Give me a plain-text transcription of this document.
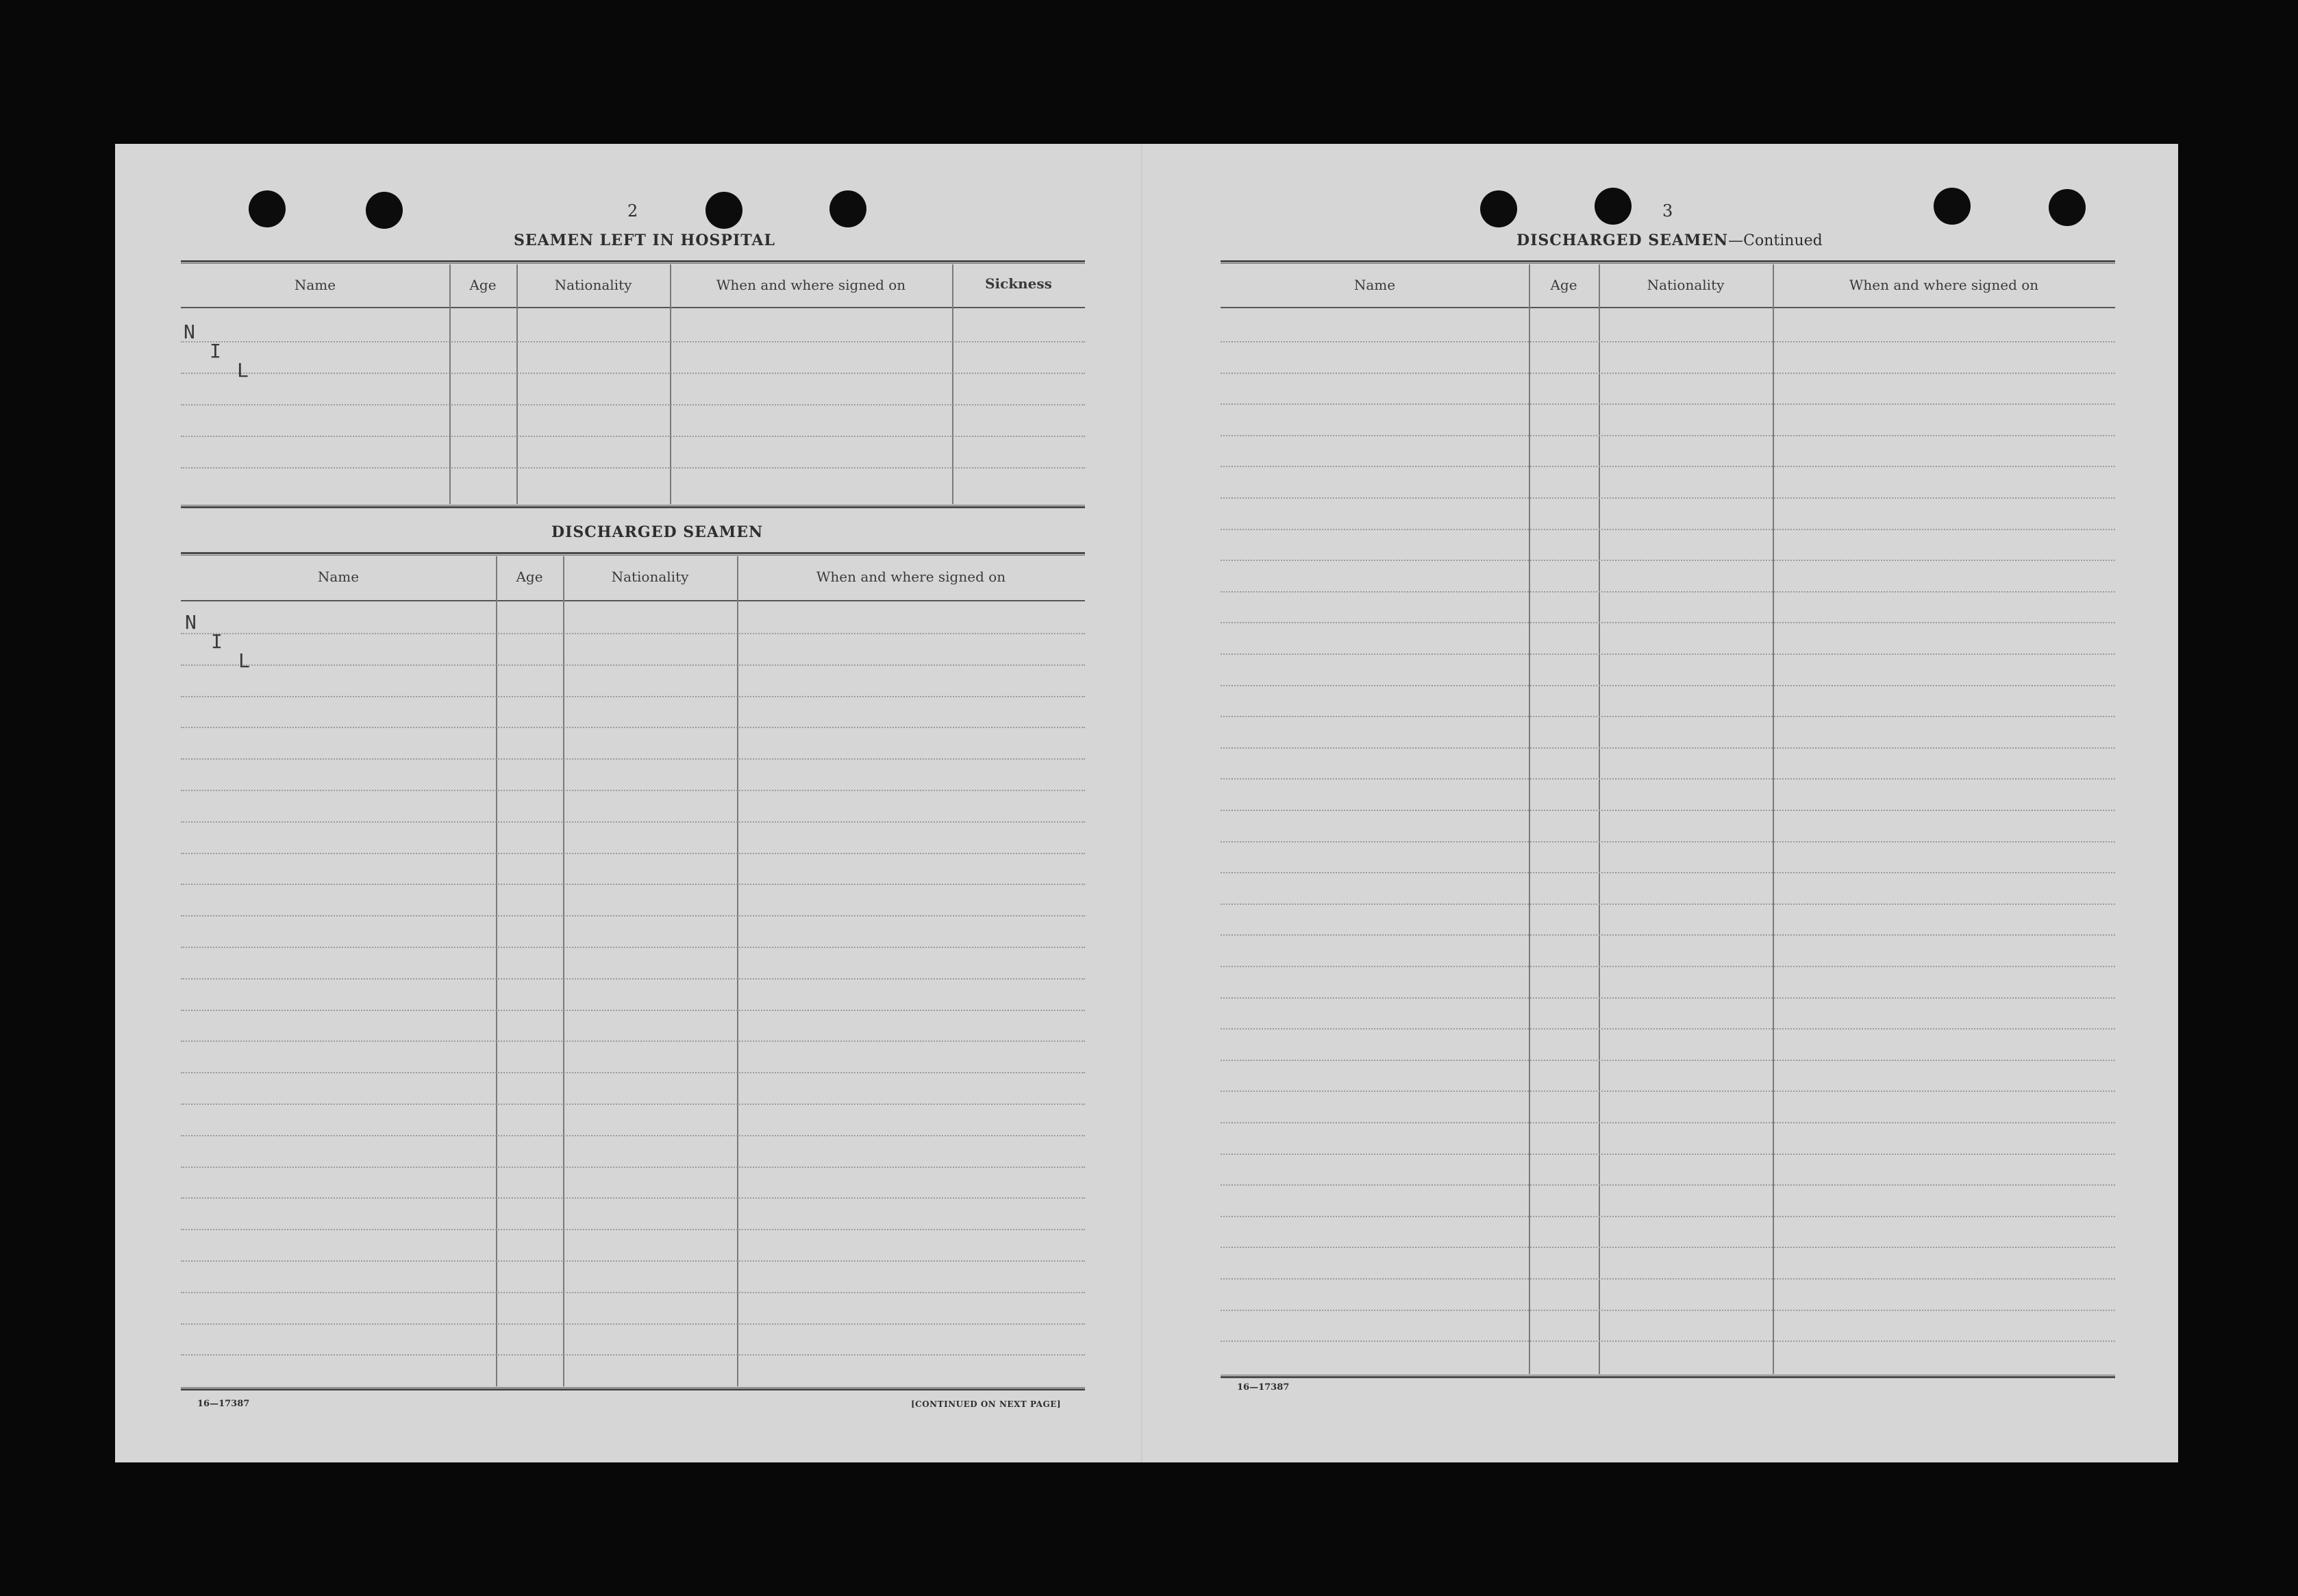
2
SEAMEN LEFT IN HOSPITAL
Name	Age	Nationality	When and where signed on	Sickness
N
I
L
DISCHARGED SEAMEN
Name	Age	Nationality	When and where signed on
N
I
L
16—17387	[CONTINUED ON NEXT PAGE]
3
DISCHARGED SEAMEN—Continued
Name	Age	Nationality	When and where signed on
16—17387
